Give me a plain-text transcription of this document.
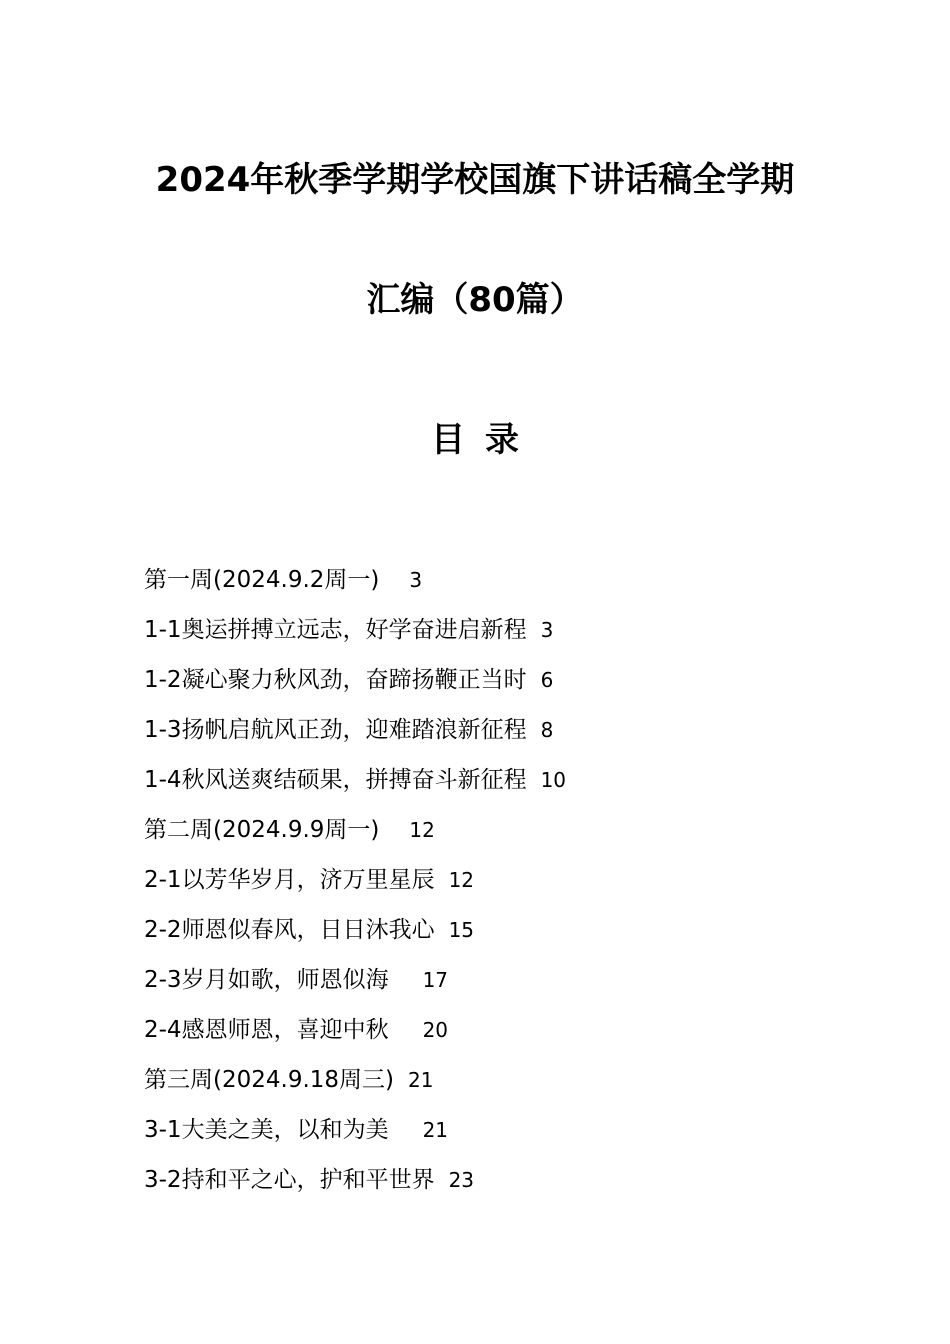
2024年秋季学期学校国旗下讲话稿全学期
汇编（80篇）
目录
第一周(2024.9.2周一) 3
1-1奥运拼搏立远志，好学奋进启新程 3
1-2凝心聚力秋风劲，奋蹄扬鞭正当时 6
1-3扬帆启航风正劲，迎难踏浪新征程 8
1-4秋风送爽结硕果，拼搏奋斗新征程 10
第二周(2024.9.9周一) 12
2-1以芳华岁月，济万里星辰 12
2-2师恩似春风，日日沐我心 15
2-3岁月如歌，师恩似海 17
2-4感恩师恩，喜迎中秋 20
第三周(2024.9.18周三) 21
3-1大美之美，以和为美 21
3-2持和平之心，护和平世界 23
